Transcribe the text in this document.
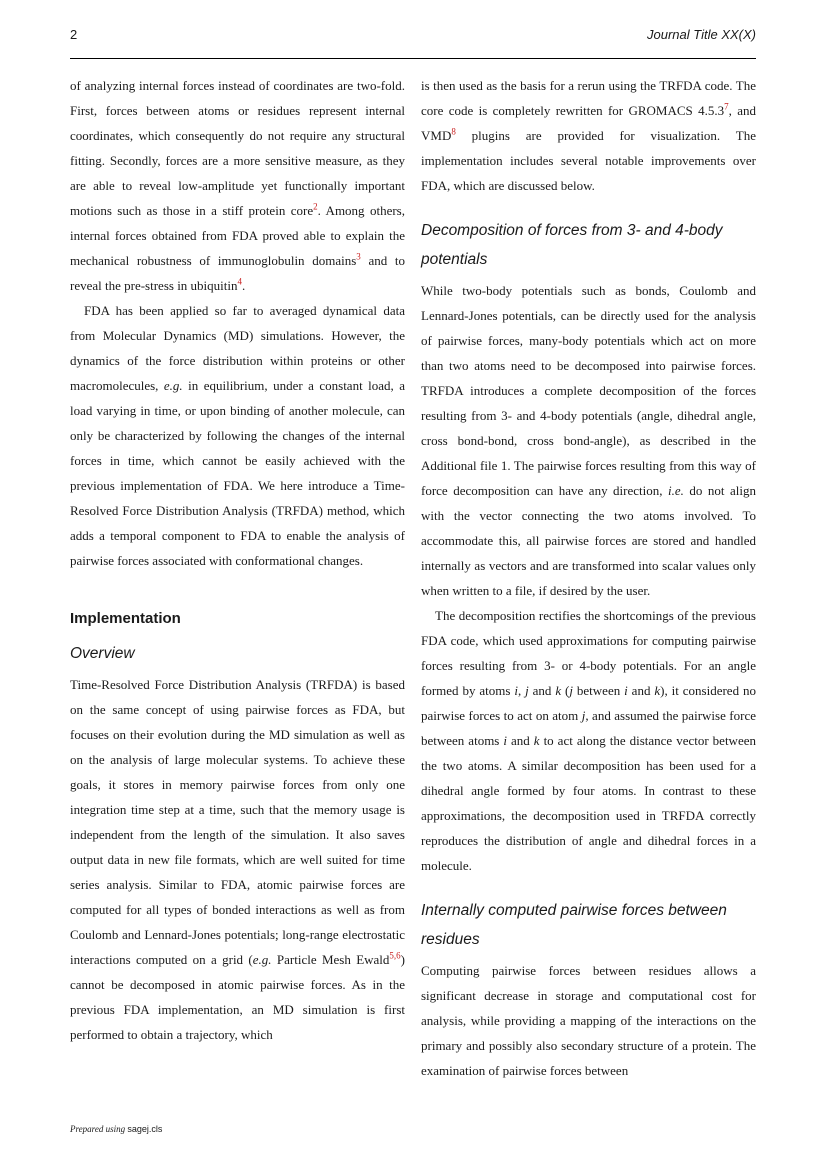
2	Journal Title XX(X)

of analyzing internal forces instead of coordinates are two-fold. First, forces between atoms or residues represent internal coordinates, which consequently do not require any structural fitting. Secondly, forces are a more sensitive measure, as they are able to reveal low-amplitude yet functionally important motions such as those in a stiff protein core$^2$. Among others, internal forces obtained from FDA proved able to explain the mechanical robustness of immunoglobulin domains$^3$ and to reveal the pre-stress in ubiquitin$^4$.

FDA has been applied so far to averaged dynamical data from Molecular Dynamics (MD) simulations. However, the dynamics of the force distribution within proteins or other macromolecules, e.g. in equilibrium, under a constant load, a load varying in time, or upon binding of another molecule, can only be characterized by following the changes of the internal forces in time, which cannot be easily achieved with the previous implementation of FDA. We here introduce a Time-Resolved Force Distribution Analysis (TRFDA) method, which adds a temporal component to FDA to enable the analysis of pairwise forces associated with conformational changes.

Implementation
Overview

Time-Resolved Force Distribution Analysis (TRFDA) is based on the same concept of using pairwise forces as FDA, but focuses on their evolution during the MD simulation as well as on the analysis of large molecular systems. To achieve these goals, it stores in memory pairwise forces from only one integration time step at a time, such that the memory usage is independent from the length of the simulation. It also saves output data in new file formats, which are well suited for time series analysis. Similar to FDA, atomic pairwise forces are computed for all types of bonded interactions as well as from Coulomb and Lennard-Jones potentials; long-range electrostatic interactions computed on a grid (e.g. Particle Mesh Ewald$^{5,6}$) cannot be decomposed in atomic pairwise forces. As in the previous FDA implementation, an MD simulation is first performed to obtain a trajectory, which

is then used as the basis for a rerun using the TRFDA code. The core code is completely rewritten for GROMACS 4.5.3$^7$, and VMD$^8$ plugins are provided for visualization. The implementation includes several notable improvements over FDA, which are discussed below.

Decomposition of forces from 3- and 4-body potentials

While two-body potentials such as bonds, Coulomb and Lennard-Jones potentials, can be directly used for the analysis of pairwise forces, many-body potentials which act on more than two atoms need to be decomposed into pairwise forces. TRFDA introduces a complete decomposition of the forces resulting from 3- and 4-body potentials (angle, dihedral angle, cross bond-bond, cross bond-angle), as described in the Additional file 1. The pairwise forces resulting from this way of force decomposition can have any direction, i.e. do not align with the vector connecting the two atoms involved. To accommodate this, all pairwise forces are stored and handled internally as vectors and are transformed into scalar values only when written to a file, if desired by the user.

The decomposition rectifies the shortcomings of the previous FDA code, which used approximations for computing pairwise forces resulting from 3- or 4-body potentials. For an angle formed by atoms i, j and k (j between i and k), it considered no pairwise forces to act on atom j, and assumed the pairwise force between atoms i and k to act along the distance vector between the two atoms. A similar decomposition has been used for a dihedral angle formed by four atoms. In contrast to these approximations, the decomposition used in TRFDA correctly reproduces the distribution of angle and dihedral forces in a molecule.

Internally computed pairwise forces between residues

Computing pairwise forces between residues allows a significant decrease in storage and computational cost for analysis, while providing a mapping of the interactions on the primary and possibly also secondary structure of a protein. The examination of pairwise forces between

Prepared using sagej.cls
